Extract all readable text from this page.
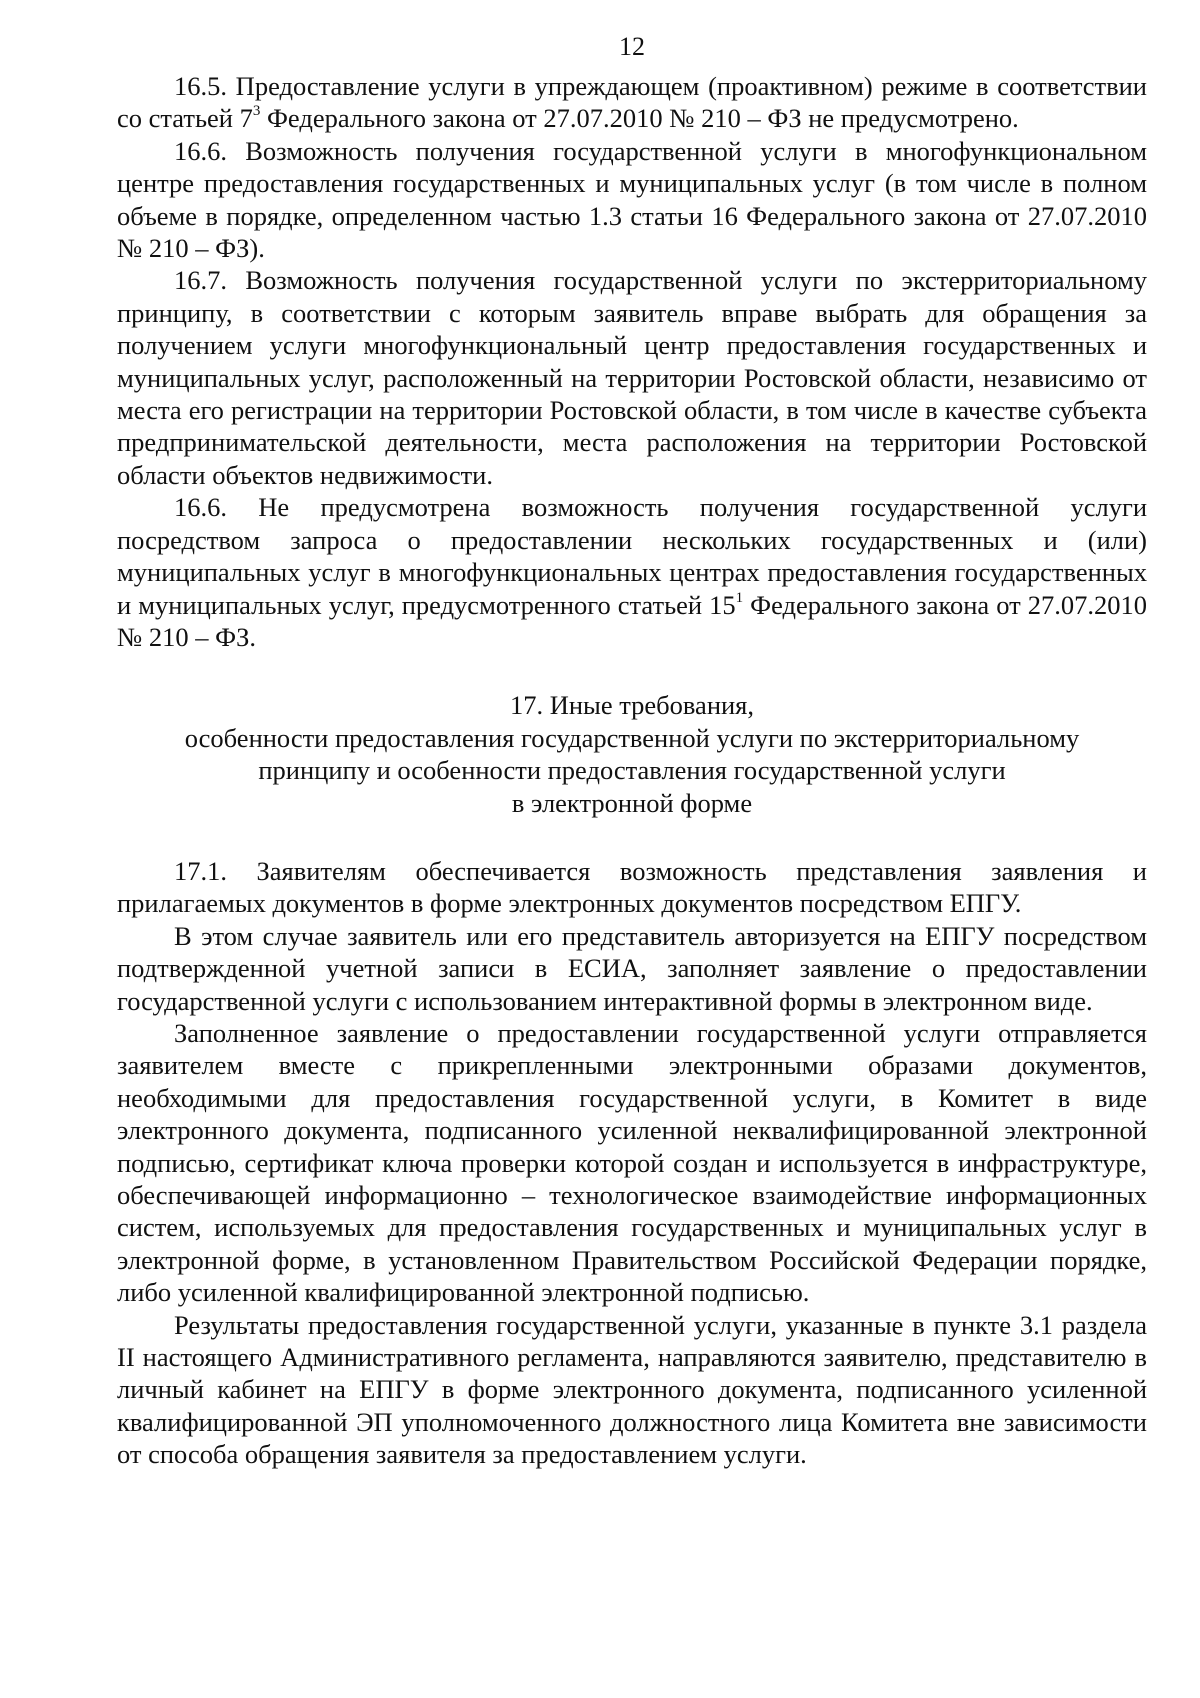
12

16.5. Предоставление услуги в упреждающем (проактивном) режиме в соответствии со статьей $7^3$ Федерального закона от 27.07.2010 № 210 – ФЗ не предусмотрено.

16.6. Возможность получения государственной услуги в многофункциональном центре предоставления государственных и муниципальных услуг (в том числе в полном объеме в порядке, определенном частью 1.3 статьи 16 Федерального закона от 27.07.2010 № 210 – ФЗ).

16.7. Возможность получения государственной услуги по экстерриториальному принципу, в соответствии с которым заявитель вправе выбрать для обращения за получением услуги многофункциональный центр предоставления государственных и муниципальных услуг, расположенный на территории Ростовской области, независимо от места его регистрации на территории Ростовской области, в том числе в качестве субъекта предпринимательской деятельности, места расположения на территории Ростовской области объектов недвижимости.

16.6. Не предусмотрена возможность получения государственной услуги посредством запроса о предоставлении нескольких государственных и (или) муниципальных услуг в многофункциональных центрах предоставления государственных и муниципальных услуг, предусмотренного статьей $15^1$ Федерального закона от 27.07.2010 № 210 – ФЗ.

17. Иные требования,
особенности предоставления государственной услуги по экстерриториальному
принципу и особенности предоставления государственной услуги
в электронной форме

17.1. Заявителям обеспечивается возможность представления заявления и прилагаемых документов в форме электронных документов посредством ЕПГУ.

В этом случае заявитель или его представитель авторизуется на ЕПГУ посредством подтвержденной учетной записи в ЕСИА, заполняет заявление о предоставлении государственной услуги с использованием интерактивной формы в электронном виде.

Заполненное заявление о предоставлении государственной услуги отправляется заявителем вместе с прикрепленными электронными образами документов, необходимыми для предоставления государственной услуги, в Комитет в виде электронного документа, подписанного усиленной неквалифицированной электронной подписью, сертификат ключа проверки которой создан и используется в инфраструктуре, обеспечивающей информационно – технологическое взаимодействие информационных систем, используемых для предоставления государственных и муниципальных услуг в электронной форме, в установленном Правительством Российской Федерации порядке, либо усиленной квалифицированной электронной подписью.

Результаты предоставления государственной услуги, указанные в пункте 3.1 раздела II настоящего Административного регламента, направляются заявителю, представителю в личный кабинет на ЕПГУ в форме электронного документа, подписанного усиленной квалифицированной ЭП уполномоченного должностного лица Комитета вне зависимости от способа обращения заявителя за предоставлением услуги.
